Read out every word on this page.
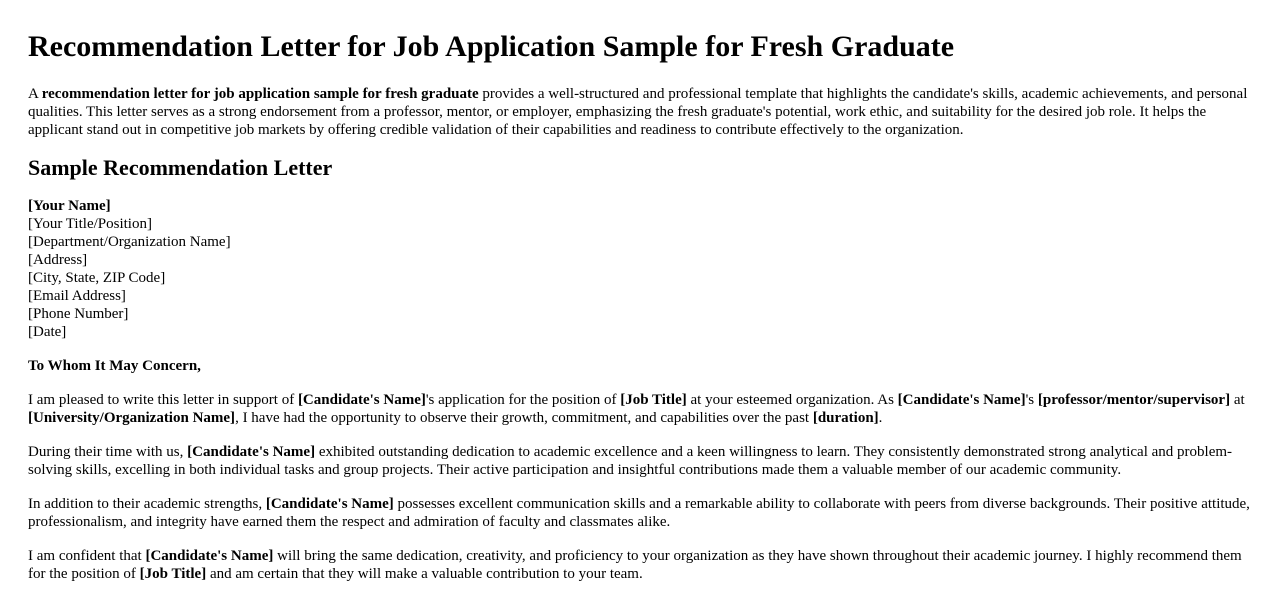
Recommendation Letter for Job Application Sample for Fresh Graduate

A recommendation letter for job application sample for fresh graduate provides a well-structured and professional template that highlights the candidate's skills, academic achievements, and personal qualities. This letter serves as a strong endorsement from a professor, mentor, or employer, emphasizing the fresh graduate's potential, work ethic, and suitability for the desired job role. It helps the applicant stand out in competitive job markets by offering credible validation of their capabilities and readiness to contribute effectively to the organization.

Sample Recommendation Letter
[Your Name]
[Your Title/Position]
[Department/Organization Name]
[Address]
[City, State, ZIP Code]
[Email Address]
[Phone Number]
[Date]

To Whom It May Concern,

I am pleased to write this letter in support of [Candidate's Name]'s application for the position of [Job Title] at your esteemed organization. As [Candidate's Name]'s [professor/mentor/supervisor] at [University/Organization Name], I have had the opportunity to observe their growth, commitment, and capabilities over the past [duration].

During their time with us, [Candidate's Name] exhibited outstanding dedication to academic excellence and a keen willingness to learn. They consistently demonstrated strong analytical and problem-solving skills, excelling in both individual tasks and group projects. Their active participation and insightful contributions made them a valuable member of our academic community.

In addition to their academic strengths, [Candidate's Name] possesses excellent communication skills and a remarkable ability to collaborate with peers from diverse backgrounds. Their positive attitude, professionalism, and integrity have earned them the respect and admiration of faculty and classmates alike.

I am confident that [Candidate's Name] will bring the same dedication, creativity, and proficiency to your organization as they have shown throughout their academic journey. I highly recommend them for the position of [Job Title] and am certain that they will make a valuable contribution to your team.
